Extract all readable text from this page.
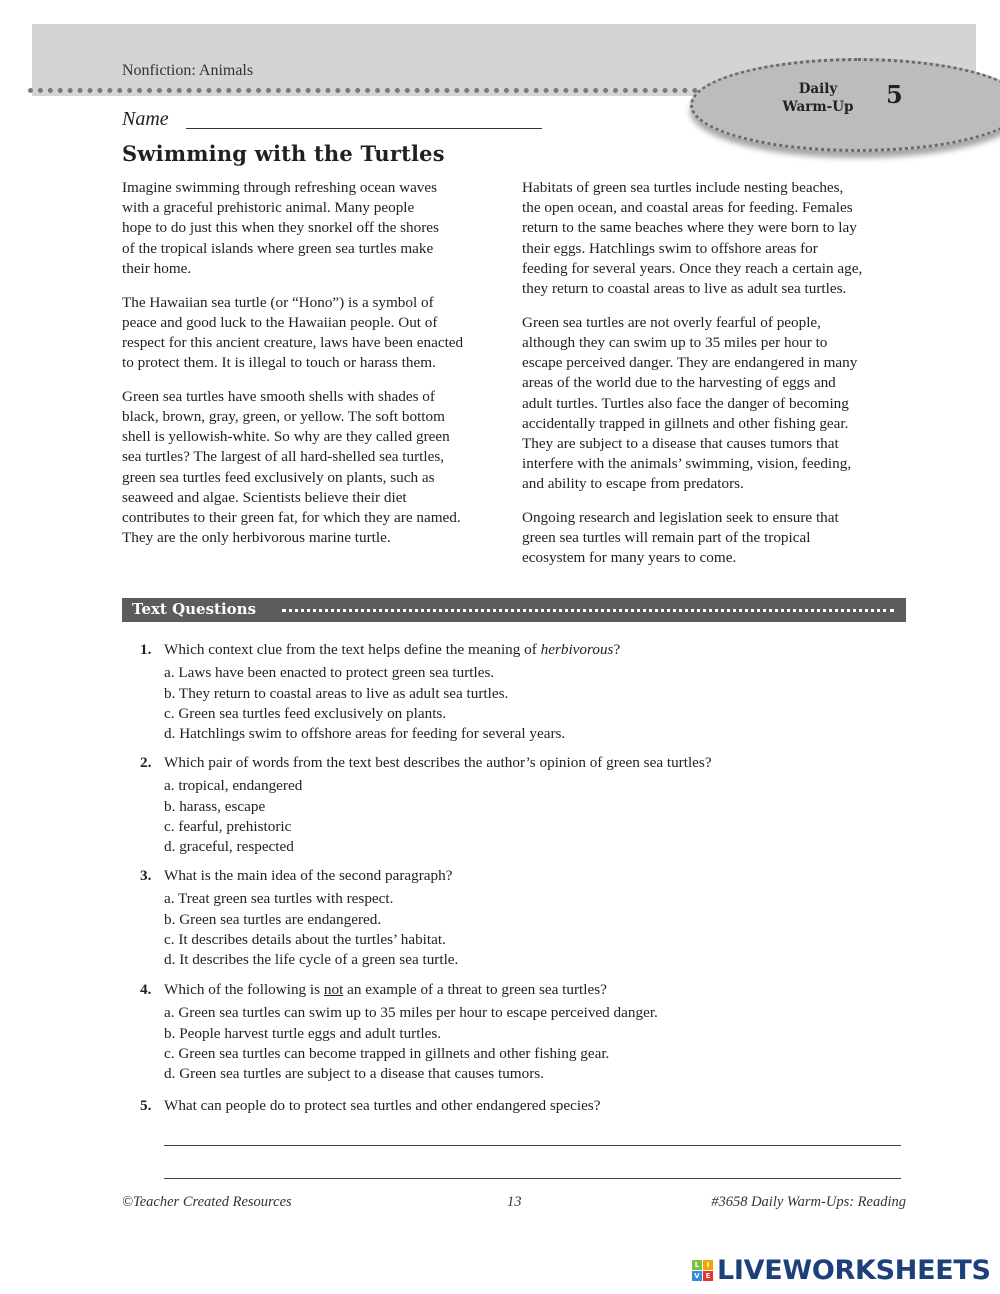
Nonfiction: Animals
Daily
Warm-Up	5
Name
Swimming with the Turtles
Imagine swimming through refreshing ocean waves
with a graceful prehistoric animal. Many people
hope to do just this when they snorkel off the shores
of the tropical islands where green sea turtles make
their home.
The Hawaiian sea turtle (or “Hono”) is a symbol of
peace and good luck to the Hawaiian people. Out of
respect for this ancient creature, laws have been enacted
to protect them. It is illegal to touch or harass them.
Green sea turtles have smooth shells with shades of
black, brown, gray, green, or yellow. The soft bottom
shell is yellowish-white. So why are they called green
sea turtles? The largest of all hard-shelled sea turtles,
green sea turtles feed exclusively on plants, such as
seaweed and algae. Scientists believe their diet
contributes to their green fat, for which they are named.
They are the only herbivorous marine turtle.
Habitats of green sea turtles include nesting beaches,
the open ocean, and coastal areas for feeding. Females
return to the same beaches where they were born to lay
their eggs. Hatchlings swim to offshore areas for
feeding for several years. Once they reach a certain age,
they return to coastal areas to live as adult sea turtles.
Green sea turtles are not overly fearful of people,
although they can swim up to 35 miles per hour to
escape perceived danger. They are endangered in many
areas of the world due to the harvesting of eggs and
adult turtles. Turtles also face the danger of becoming
accidentally trapped in gillnets and other fishing gear.
They are subject to a disease that causes tumors that
interfere with the animals’ swimming, vision, feeding,
and ability to escape from predators.
Ongoing research and legislation seek to ensure that
green sea turtles will remain part of the tropical
ecosystem for many years to come.
Text Questions
1. Which context clue from the text helps define the meaning of herbivorous?
a. Laws have been enacted to protect green sea turtles.
b. They return to coastal areas to live as adult sea turtles.
c. Green sea turtles feed exclusively on plants.
d. Hatchlings swim to offshore areas for feeding for several years.
2. Which pair of words from the text best describes the author’s opinion of green sea turtles?
a. tropical, endangered
b. harass, escape
c. fearful, prehistoric
d. graceful, respected
3. What is the main idea of the second paragraph?
a. Treat green sea turtles with respect.
b. Green sea turtles are endangered.
c. It describes details about the turtles’ habitat.
d. It describes the life cycle of a green sea turtle.
4. Which of the following is not an example of a threat to green sea turtles?
a. Green sea turtles can swim up to 35 miles per hour to escape perceived danger.
b. People harvest turtle eggs and adult turtles.
c. Green sea turtles can become trapped in gillnets and other fishing gear.
d. Green sea turtles are subject to a disease that causes tumors.
5. What can people do to protect sea turtles and other endangered species?
©Teacher Created Resources	13	#3658 Daily Warm-Ups: Reading
L	I
V E LIVEWORKSHEETS
